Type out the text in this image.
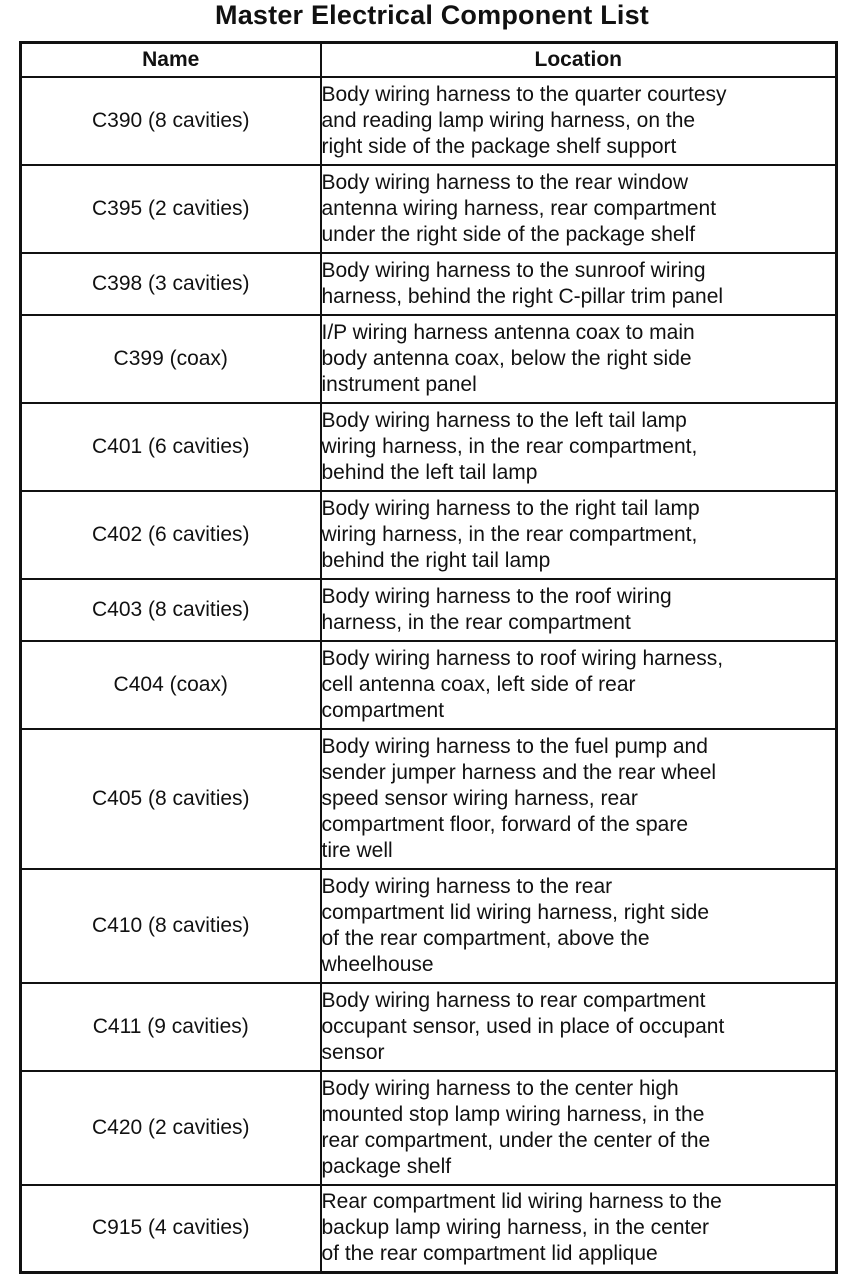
Master Electrical Component List
Name	Location
C390 (8 cavities)	Body wiring harness to the quarter courtesy
and reading lamp wiring harness, on the
right side of the package shelf support
C395 (2 cavities)	Body wiring harness to the rear window
antenna wiring harness, rear compartment
under the right side of the package shelf
C398 (3 cavities)	Body wiring harness to the sunroof wiring
harness, behind the right C-pillar trim panel
C399 (coax)	I/P wiring harness antenna coax to main
body antenna coax, below the right side
instrument panel
C401 (6 cavities)	Body wiring harness to the left tail lamp
wiring harness, in the rear compartment,
behind the left tail lamp
C402 (6 cavities)	Body wiring harness to the right tail lamp
wiring harness, in the rear compartment,
behind the right tail lamp
C403 (8 cavities)	Body wiring harness to the roof wiring
harness, in the rear compartment
C404 (coax)	Body wiring harness to roof wiring harness,
cell antenna coax, left side of rear
compartment
C405 (8 cavities)	Body wiring harness to the fuel pump and
sender jumper harness and the rear wheel
speed sensor wiring harness, rear
compartment floor, forward of the spare
tire well
C410 (8 cavities)	Body wiring harness to the rear
compartment lid wiring harness, right side
of the rear compartment, above the
wheelhouse
C411 (9 cavities)	Body wiring harness to rear compartment
occupant sensor, used in place of occupant
sensor
C420 (2 cavities)	Body wiring harness to the center high
mounted stop lamp wiring harness, in the
rear compartment, under the center of the
package shelf
C915 (4 cavities)	Rear compartment lid wiring harness to the
backup lamp wiring harness, in the center
of the rear compartment lid applique
